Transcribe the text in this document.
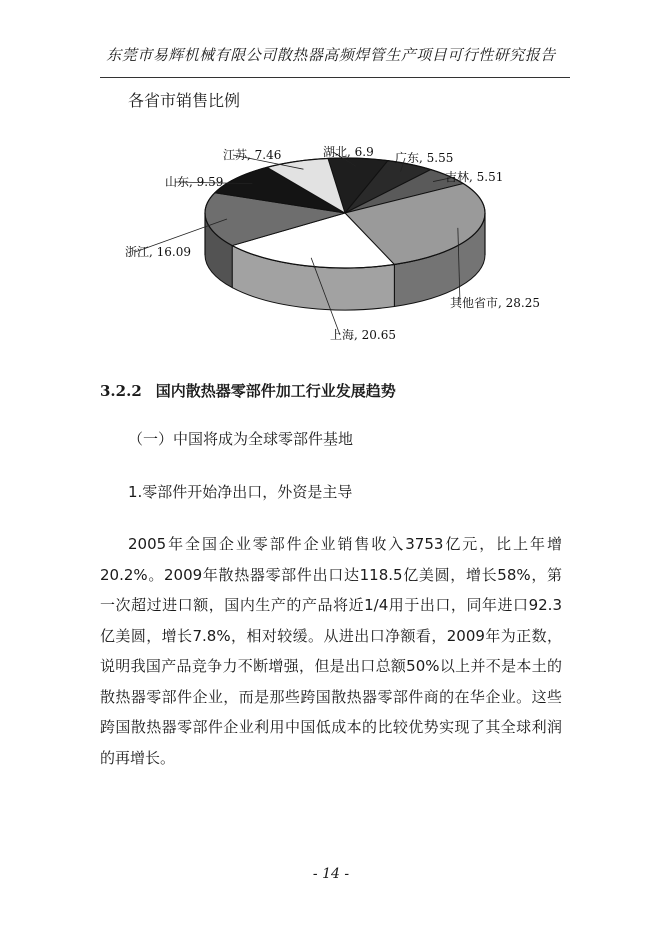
东莞市易辉机械有限公司散热器高频焊管生产项目可行性研究报告
各省市销售比例
湖北, 6.9 广东, 5.55
吉林, 5.51
其他省市, 28.25
上海, 20.65
浙江, 16.09
山东, 9.59
江苏, 7.46
3.2.2 国内散热器零部件加工行业发展趋势
（一）中国将成为全球零部件基地
1.零部件开始净出口，外资是主导
2005年全国企业零部件企业销售收入3753亿元，比上年增20.2%。2009年散热器零部件出口达118.5亿美圆，增长58%，第一次超过进口额，国内生产的产品将近1/4用于出口，同年进口92.3亿美圆，增长7.8%，相对较缓。从进出口净额看，2009年为正数，说明我国产品竞争力不断增强，但是出口总额50%以上并不是本土的散热器零部件企业，而是那些跨国散热器零部件商的在华企业。这些跨国散热器零部件企业利用中国低成本的比较优势实现了其全球利润的再增长。
- 14 -
